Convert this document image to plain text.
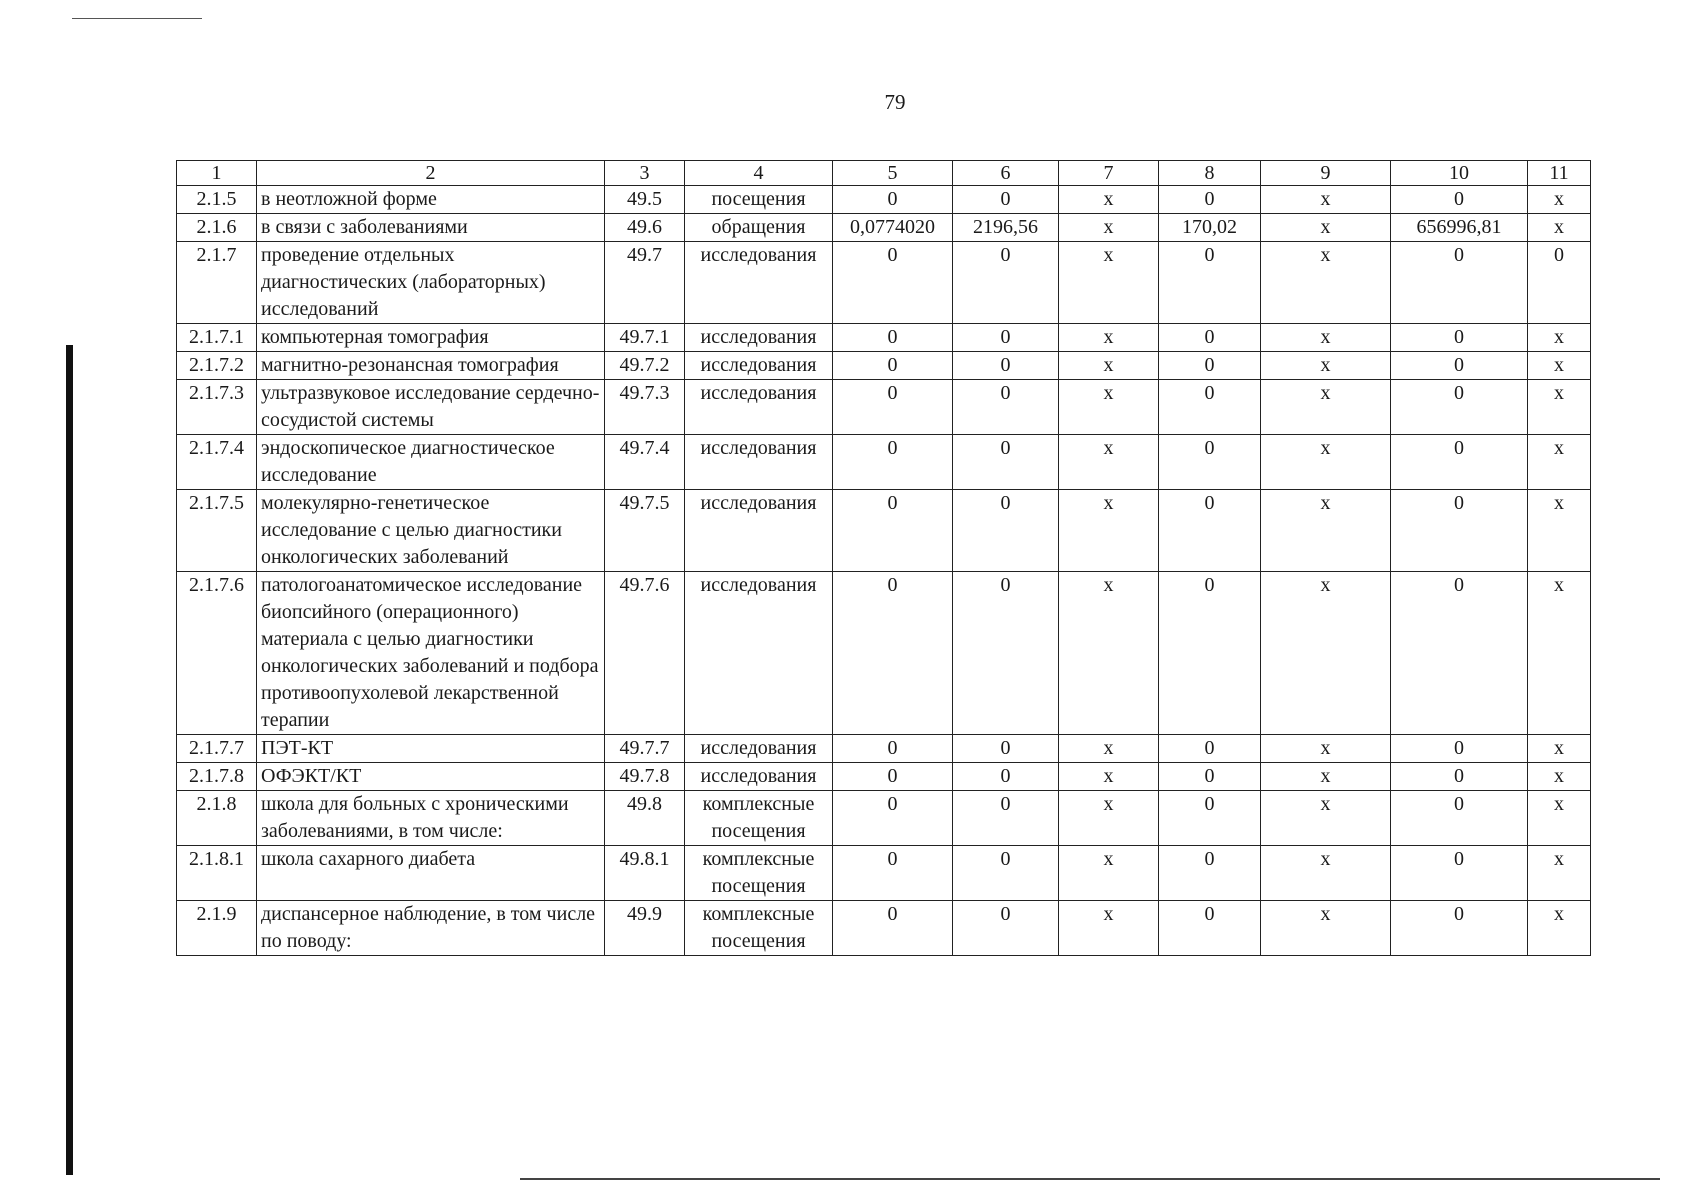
79
1	2	3	4	5	6	7	8	9	10	11
2.1.5	в неотложной форме	49.5	посещения	0	0	х	0	х	0	х
2.1.6	в связи с заболеваниями	49.6	обращения	0,0774020	2196,56	х	170,02	х	656996,81	х
2.1.7	проведение отдельных диагностических (лабораторных) исследований	49.7	исследования	0	0	х	0	х	0	0
2.1.7.1	компьютерная томография	49.7.1	исследования	0	0	х	0	х	0	х
2.1.7.2	магнитно-резонансная томография	49.7.2	исследования	0	0	х	0	х	0	х
2.1.7.3	ультразвуковое исследование сердечно-сосудистой системы	49.7.3	исследования	0	0	х	0	х	0	х
2.1.7.4	эндоскопическое диагностическое исследование	49.7.4	исследования	0	0	х	0	х	0	х
2.1.7.5	молекулярно-генетическое исследование с целью диагностики онкологических заболеваний	49.7.5	исследования	0	0	х	0	х	0	х
2.1.7.6	патологоанатомическое исследование биопсийного (операционного) материала с целью диагностики онкологических заболеваний и подбора противоопухолевой лекарственной терапии	49.7.6	исследования	0	0	х	0	х	0	х
2.1.7.7	ПЭТ-КТ	49.7.7	исследования	0	0	х	0	х	0	х
2.1.7.8	ОФЭКТ/КТ	49.7.8	исследования	0	0	х	0	х	0	х
2.1.8	школа для больных с хроническими заболеваниями, в том числе:	49.8	комплексные посещения	0	0	х	0	х	0	х
2.1.8.1	школа сахарного диабета	49.8.1	комплексные посещения	0	0	х	0	х	0	х
2.1.9	диспансерное наблюдение, в том числе по поводу:	49.9	комплексные посещения	0	0	х	0	х	0	х
